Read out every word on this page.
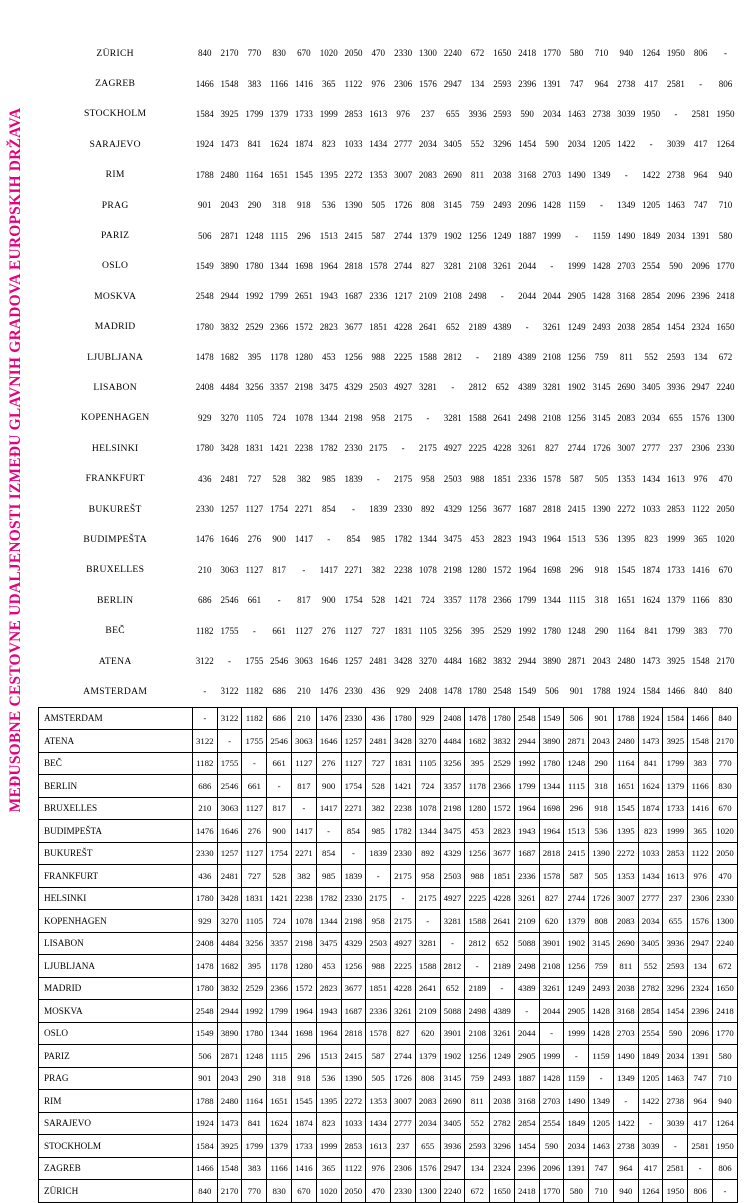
MEĐUSOBNE CESTOVNE UDALJENOSTI IZMEĐU GLAVNIH GRADOVA EUROPSKIH DRŽAVA
ZÜRICH	840	2170	770	830	670	1020	2050	470	2330	1300	2240	672	1650	2418	1770	580	710	940	1264	1950	806	-
ZAGREB	1466	1548	383	1166	1416	365	1122	976	2306	1576	2947	134	2593	2396	1391	747	964	2738	417	2581	-	806
STOCKHOLM	1584	3925	1799	1379	1733	1999	2853	1613	976	237	655	3936	2593	590	2034	1463	2738	3039	1950	-	2581	1950
SARAJEVO	1924	1473	841	1624	1874	823	1033	1434	2777	2034	3405	552	3296	1454	590	2034	1205	1422	-	3039	417	1264
RIM	1788	2480	1164	1651	1545	1395	2272	1353	3007	2083	2690	811	2038	3168	2703	1490	1349	-	1422	2738	964	940
PRAG	901	2043	290	318	918	536	1390	505	1726	808	3145	759	2493	2096	1428	1159	-	1349	1205	1463	747	710
PARIZ	506	2871	1248	1115	296	1513	2415	587	2744	1379	1902	1256	1249	1887	1999	-	1159	1490	1849	2034	1391	580
OSLO	1549	3890	1780	1344	1698	1964	2818	1578	2744	827	3281	2108	3261	2044	-	1999	1428	2703	2554	590	2096	1770
MOSKVA	2548	2944	1992	1799	2651	1943	1687	2336	1217	2109	2108	2498	-	2044	2044	2905	1428	3168	2854	2096	2396	2418
MADRID	1780	3832	2529	2366	1572	2823	3677	1851	4228	2641	652	2189	4389	-	3261	1249	2493	2038	2854	1454	2324	1650
LJUBLJANA	1478	1682	395	1178	1280	453	1256	988	2225	1588	2812	-	2189	4389	2108	1256	759	811	552	2593	134	672
LISABON	2408	4484	3256	3357	2198	3475	4329	2503	4927	3281	-	2812	652	4389	3281	1902	3145	2690	3405	3936	2947	2240
KOPENHAGEN	929	3270	1105	724	1078	1344	2198	958	2175	-	3281	1588	2641	2498	2108	1256	3145	2083	2034	655	1576	1300
HELSINKI	1780	3428	1831	1421	2238	1782	2330	2175	-	2175	4927	2225	4228	3261	827	2744	1726	3007	2777	237	2306	2330
FRANKFURT	436	2481	727	528	382	985	1839	-	2175	958	2503	988	1851	2336	1578	587	505	1353	1434	1613	976	470
BUKUREŠT	2330	1257	1127	1754	2271	854	-	1839	2330	892	4329	1256	3677	1687	2818	2415	1390	2272	1033	2853	1122	2050
BUDIMPEŠTA	1476	1646	276	900	1417	-	854	985	1782	1344	3475	453	2823	1943	1964	1513	536	1395	823	1999	365	1020
BRUXELLES	210	3063	1127	817	-	1417	2271	382	2238	1078	2198	1280	1572	1964	1698	296	918	1545	1874	1733	1416	670
BERLIN	686	2546	661	-	817	900	1754	528	1421	724	3357	1178	2366	1799	1344	1115	318	1651	1624	1379	1166	830
BEČ	1182	1755	-	661	1127	276	1127	727	1831	1105	3256	395	2529	1992	1780	1248	290	1164	841	1799	383	770
ATENA	3122	-	1755	2546	3063	1646	1257	2481	3428	3270	4484	1682	3832	2944	3890	2871	2043	2480	1473	3925	1548	2170
AMSTERDAM	-	3122	1182	686	210	1476	2330	436	929	2408	1478	1780	2548	1549	506	901	1788	1924	1584	1466	840	840
AMSTERDAM	-	3122	1182	686	210	1476	2330	436	1780	929	2408	1478	1780	2548	1549	506	901	1788	1924	1584	1466	840
ATENA	3122	-	1755	2546	3063	1646	1257	2481	3428	3270	4484	1682	3832	2944	3890	2871	2043	2480	1473	3925	1548	2170
BEČ	1182	1755	-	661	1127	276	1127	727	1831	1105	3256	395	2529	1992	1780	1248	290	1164	841	1799	383	770
BERLIN	686	2546	661	-	817	900	1754	528	1421	724	3357	1178	2366	1799	1344	1115	318	1651	1624	1379	1166	830
BRUXELLES	210	3063	1127	817	-	1417	2271	382	2238	1078	2198	1280	1572	1964	1698	296	918	1545	1874	1733	1416	670
BUDIMPEŠTA	1476	1646	276	900	1417	-	854	985	1782	1344	3475	453	2823	1943	1964	1513	536	1395	823	1999	365	1020
BUKUREŠT	2330	1257	1127	1754	2271	854	-	1839	2330	892	4329	1256	3677	1687	2818	2415	1390	2272	1033	2853	1122	2050
FRANKFURT	436	2481	727	528	382	985	1839	-	2175	958	2503	988	1851	2336	1578	587	505	1353	1434	1613	976	470
HELSINKI	1780	3428	1831	1421	2238	1782	2330	2175	-	2175	4927	2225	4228	3261	827	2744	1726	3007	2777	237	2306	2330
KOPENHAGEN	929	3270	1105	724	1078	1344	2198	958	2175	-	3281	1588	2641	2109	620	1379	808	2083	2034	655	1576	1300
LISABON	2408	4484	3256	3357	2198	3475	4329	2503	4927	3281	-	2812	652	5088	3901	1902	3145	2690	3405	3936	2947	2240
LJUBLJANA	1478	1682	395	1178	1280	453	1256	988	2225	1588	2812	-	2189	2498	2108	1256	759	811	552	2593	134	672
MADRID	1780	3832	2529	2366	1572	2823	3677	1851	4228	2641	652	2189	-	4389	3261	1249	2493	2038	2782	3296	2324	1650
MOSKVA	2548	2944	1992	1799	1964	1943	1687	2336	3261	2109	5088	2498	4389	-	2044	2905	1428	3168	2854	1454	2396	2418
OSLO	1549	3890	1780	1344	1698	1964	2818	1578	827	620	3901	2108	3261	2044	-	1999	1428	2703	2554	590	2096	1770
PARIZ	506	2871	1248	1115	296	1513	2415	587	2744	1379	1902	1256	1249	2905	1999	-	1159	1490	1849	2034	1391	580
PRAG	901	2043	290	318	918	536	1390	505	1726	808	3145	759	2493	1887	1428	1159	-	1349	1205	1463	747	710
RIM	1788	2480	1164	1651	1545	1395	2272	1353	3007	2083	2690	811	2038	3168	2703	1490	1349	-	1422	2738	964	940
SARAJEVO	1924	1473	841	1624	1874	823	1033	1434	2777	2034	3405	552	2782	2854	2554	1849	1205	1422	-	3039	417	1264
STOCKHOLM	1584	3925	1799	1379	1733	1999	2853	1613	237	655	3936	2593	3296	1454	590	2034	1463	2738	3039	-	2581	1950
ZAGREB	1466	1548	383	1166	1416	365	1122	976	2306	1576	2947	134	2324	2396	2096	1391	747	964	417	2581	-	806
ZÜRICH	840	2170	770	830	670	1020	2050	470	2330	1300	2240	672	1650	2418	1770	580	710	940	1264	1950	806	-
